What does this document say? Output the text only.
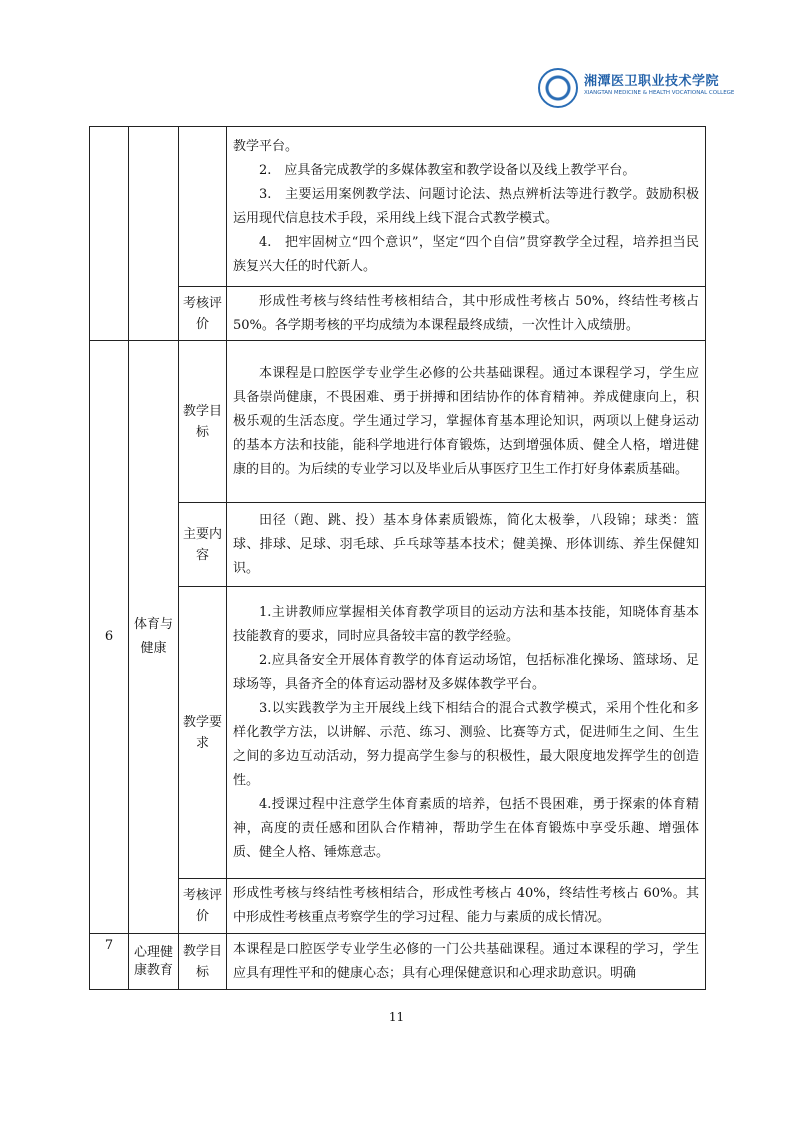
湘潭医卫职业技术学院
XIANGTAN MEDICINE & HEALTH VOCATIONAL COLLEGE

			教学平台。

2.　应具备完成教学的多媒体教室和教学设备以及线上教学平台。

3.　主要运用案例教学法、问题讨论法、热点辨析法等进行教学。鼓励积极运用现代信息技术手段，采用线上线下混合式教学模式。

4.　把牢固树立“四个意识”，坚定“四个自信”贯穿教学全过程，培养担当民族复兴大任的时代新人。

		考核评价	形成性考核与终结性考核相结合，其中形成性考核占 50%，终结性考核占 50%。各学期考核的平均成绩为本课程最终成绩，一次性计入成绩册。

6	体育与健康	教学目标	本课程是口腔医学专业学生必修的公共基础课程。通过本课程学习，学生应具备崇尚健康，不畏困难、勇于拼搏和团结协作的体育精神。养成健康向上，积极乐观的生活态度。学生通过学习，掌握体育基本理论知识，两项以上健身运动的基本方法和技能，能科学地进行体育锻炼，达到增强体质、健全人格，增进健康的目的。为后续的专业学习以及毕业后从事医疗卫生工作打好身体素质基础。

		主要内容	田径（跑、跳、投）基本身体素质锻炼，简化太极拳，八段锦；球类：篮球、排球、足球、羽毛球、乒乓球等基本技术；健美操、形体训练、养生保健知识。

		教学要求	1.主讲教师应掌握相关体育教学项目的运动方法和基本技能，知晓体育基本技能教育的要求，同时应具备较丰富的教学经验。

2.应具备安全开展体育教学的体育运动场馆，包括标准化操场、篮球场、足球场等，具备齐全的体育运动器材及多媒体教学平台。

3.以实践教学为主开展线上线下相结合的混合式教学模式，采用个性化和多样化教学方法，以讲解、示范、练习、测验、比赛等方式，促进师生之间、生生之间的多边互动活动，努力提高学生参与的积极性，最大限度地发挥学生的创造性。

4.授课过程中注意学生体育素质的培养，包括不畏困难，勇于探索的体育精神，高度的责任感和团队合作精神，帮助学生在体育锻炼中享受乐趣、增强体质、健全人格、锤炼意志。

		考核评价	形成性考核与终结性考核相结合，形成性考核占 40%，终结性考核占 60%。其中形成性考核重点考察学生的学习过程、能力与素质的成长情况。

7	心理健康教育	教学目标	本课程是口腔医学专业学生必修的一门公共基础课程。通过本课程的学习，学生应具有理性平和的健康心态；具有心理保健意识和心理求助意识。明确

11
